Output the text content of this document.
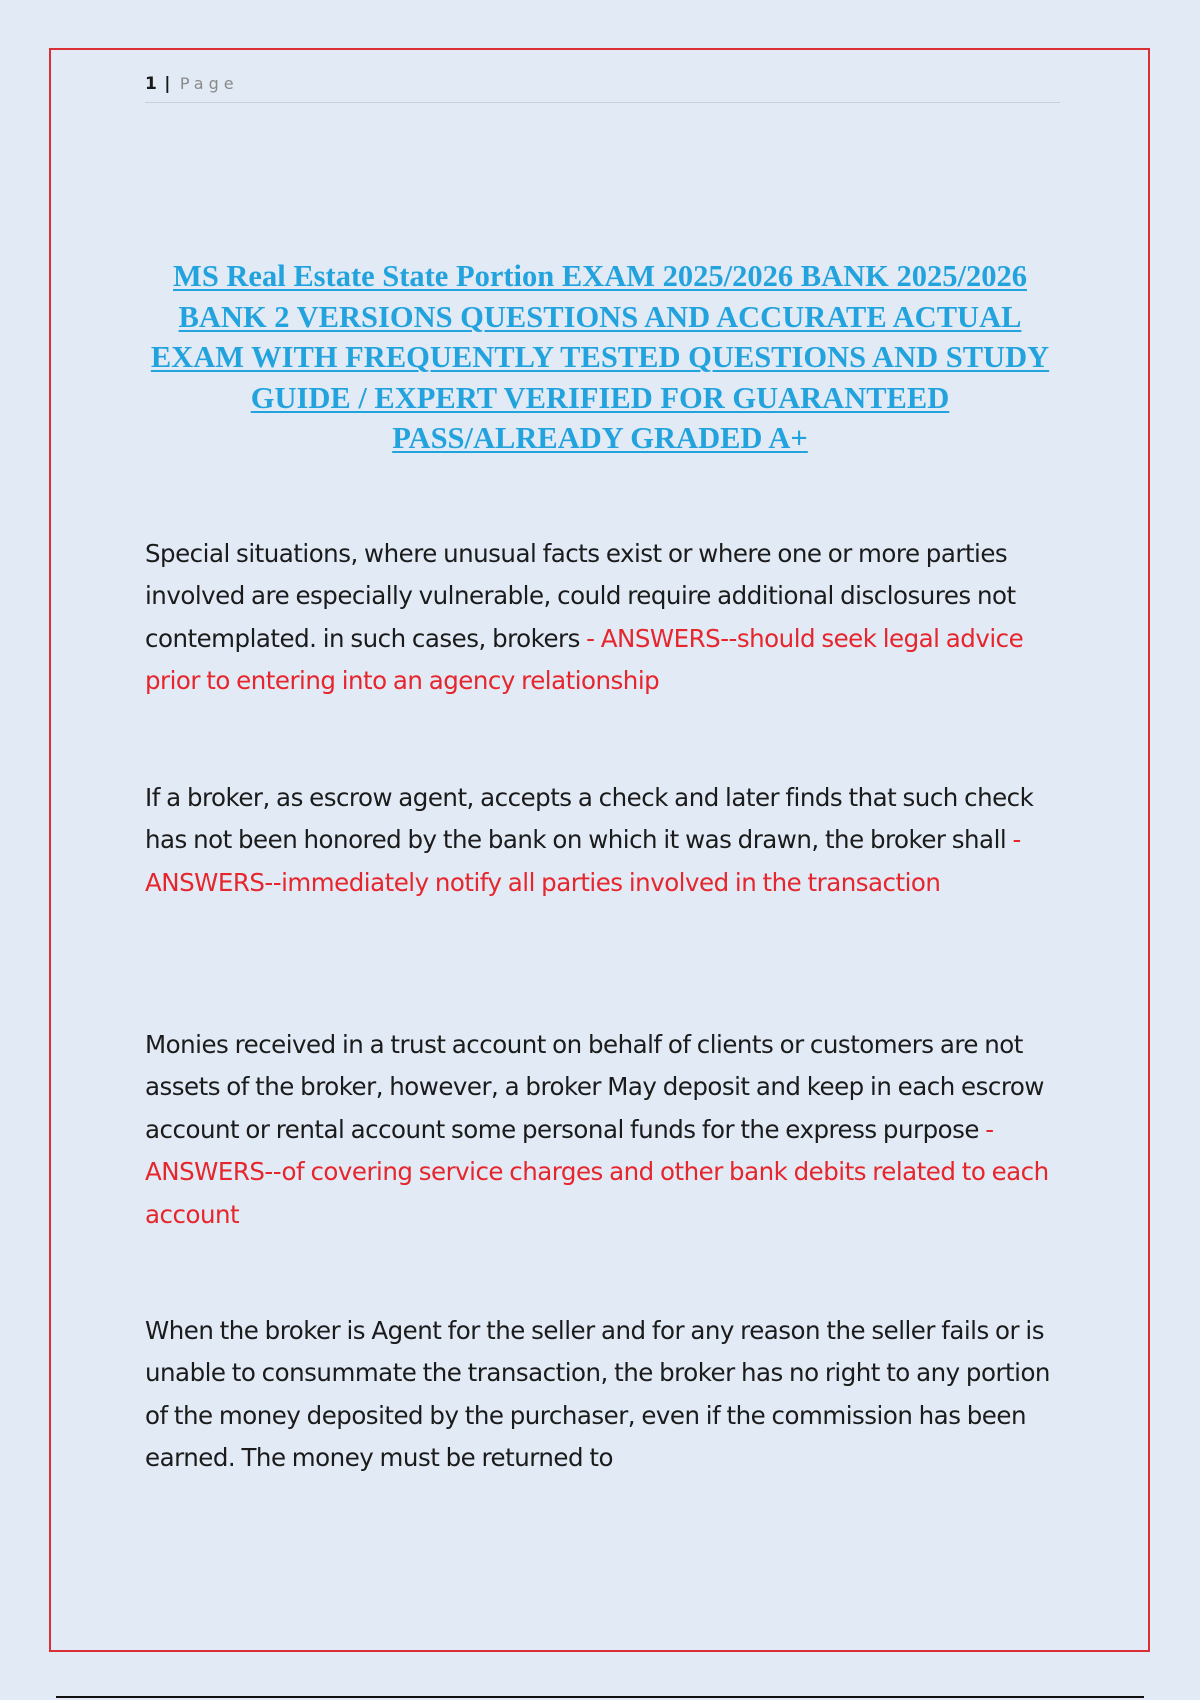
1 | Page
MS Real Estate State Portion EXAM 2025/2026 BANK 2025/2026 BANK 2 VERSIONS QUESTIONS AND ACCURATE ACTUAL EXAM WITH FREQUENTLY TESTED QUESTIONS AND STUDY GUIDE / EXPERT VERIFIED FOR GUARANTEED PASS/ALREADY GRADED A+

Special situations, where unusual facts exist or where one or more parties involved are especially vulnerable, could require additional disclosures not contemplated. in such cases, brokers - ANSWERS--should seek legal advice prior to entering into an agency relationship

If a broker, as escrow agent, accepts a check and later finds that such check has not been honored by the bank on which it was drawn, the broker shall - ANSWERS--immediately notify all parties involved in the transaction

Monies received in a trust account on behalf of clients or customers are not assets of the broker, however, a broker May deposit and keep in each escrow account or rental account some personal funds for the express purpose - ANSWERS--of covering service charges and other bank debits related to each account

When the broker is Agent for the seller and for any reason the seller fails or is unable to consummate the transaction, the broker has no right to any portion of the money deposited by the purchaser, even if the commission has been earned. The money must be returned to
